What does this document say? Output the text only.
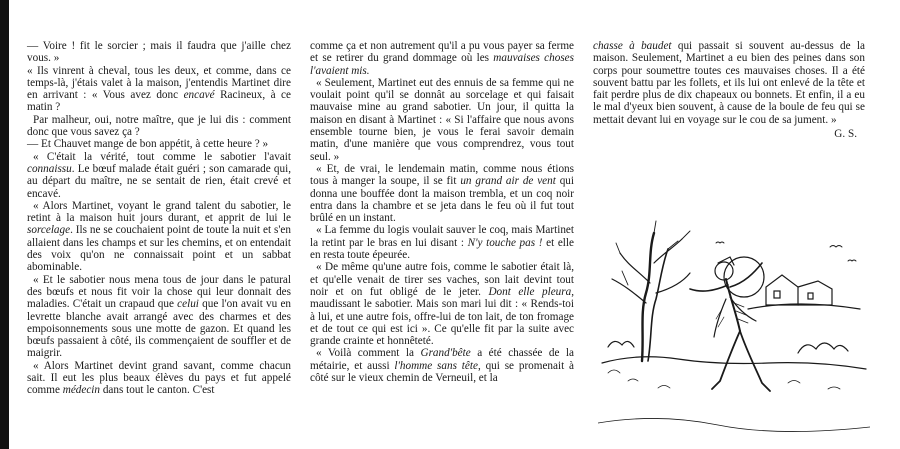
— Voire ! fit le sorcier ; mais il faudra que j'aille chez vous. »

« Ils vinrent à cheval, tous les deux, et comme, dans ce temps-là, j'étais valet à la maison, j'entendis Martinet dire en arrivant : « Vous avez donc encavé Racineux, à ce matin ?

Par malheur, oui, notre maître, que je lui dis : comment donc que vous savez ça ?

— Et Chauvet mange de bon appétit, à cette heure ? »

« C'était la vérité, tout comme le sabotier l'avait connaissu. Le bœuf malade était guéri ; son camarade qui, au départ du maître, ne se sentait de rien, était crevé et encavé.

« Alors Martinet, voyant le grand talent du sabotier, le retint à la maison huit jours durant, et apprit de lui le sorcelage. Ils ne se couchaient point de toute la nuit et s'en allaient dans les champs et sur les chemins, et on entendait des voix qu'on ne connaissait point et un sabbat abominable.

« Et le sabotier nous mena tous de jour dans le patural des bœufs et nous fit voir la chose qui leur donnait des maladies. C'était un crapaud que celui que l'on avait vu en levrette blanche avait arrangé avec des charmes et des empoisonnements sous une motte de gazon. Et quand les bœufs passaient à côté, ils commençaient de souffler et de maigrir.

« Alors Martinet devint grand savant, comme chacun sait. Il eut les plus beaux élèves du pays et fut appelé comme médecin dans tout le canton. C'est

comme ça et non autrement qu'il a pu vous payer sa ferme et se retirer du grand dommage où les mauvaises choses l'avaient mis.

« Seulement, Martinet eut des ennuis de sa femme qui ne voulait point qu'il se donnât au sorcelage et qui faisait mauvaise mine au grand sabotier. Un jour, il quitta la maison en disant à Martinet : « Si l'affaire que nous avons ensemble tourne bien, je vous le ferai savoir demain matin, d'une manière que vous comprendrez, vous tout seul. »

« Et, de vrai, le lendemain matin, comme nous étions tous à manger la soupe, il se fit un grand air de vent qui donna une bouffée dont la maison trembla, et un coq noir entra dans la chambre et se jeta dans le feu où il fut tout brûlé en un instant.

« La femme du logis voulait sauver le coq, mais Martinet la retint par le bras en lui disant : N'y touche pas ! et elle en resta toute épeurée.

« De même qu'une autre fois, comme le sabotier était là, et qu'elle venait de tirer ses vaches, son lait devint tout noir et on fut obligé de le jeter. Dont elle pleura, maudissant le sabotier. Mais son mari lui dit : « Rends-toi à lui, et une autre fois, offre-lui de ton lait, de ton fromage et de tout ce qui est ici ». Ce qu'elle fit par la suite avec grande crainte et honnêteté.

« Voilà comment la Grand'bête a été chassée de la métairie, et aussi l'homme sans tête, qui se promenait à côté sur le vieux chemin de Verneuil, et la

chasse à baudet qui passait si souvent au-dessus de la maison. Seulement, Martinet a eu bien des peines dans son corps pour soumettre toutes ces mauvaises choses. Il a été souvent battu par les follets, et ils lui ont enlevé de la tête et fait perdre plus de dix chapeaux ou bonnets. Et enfin, il a eu le mal d'yeux bien souvent, à cause de la boule de feu qui se mettait devant lui en voyage sur le cou de sa jument. »

G. S.
